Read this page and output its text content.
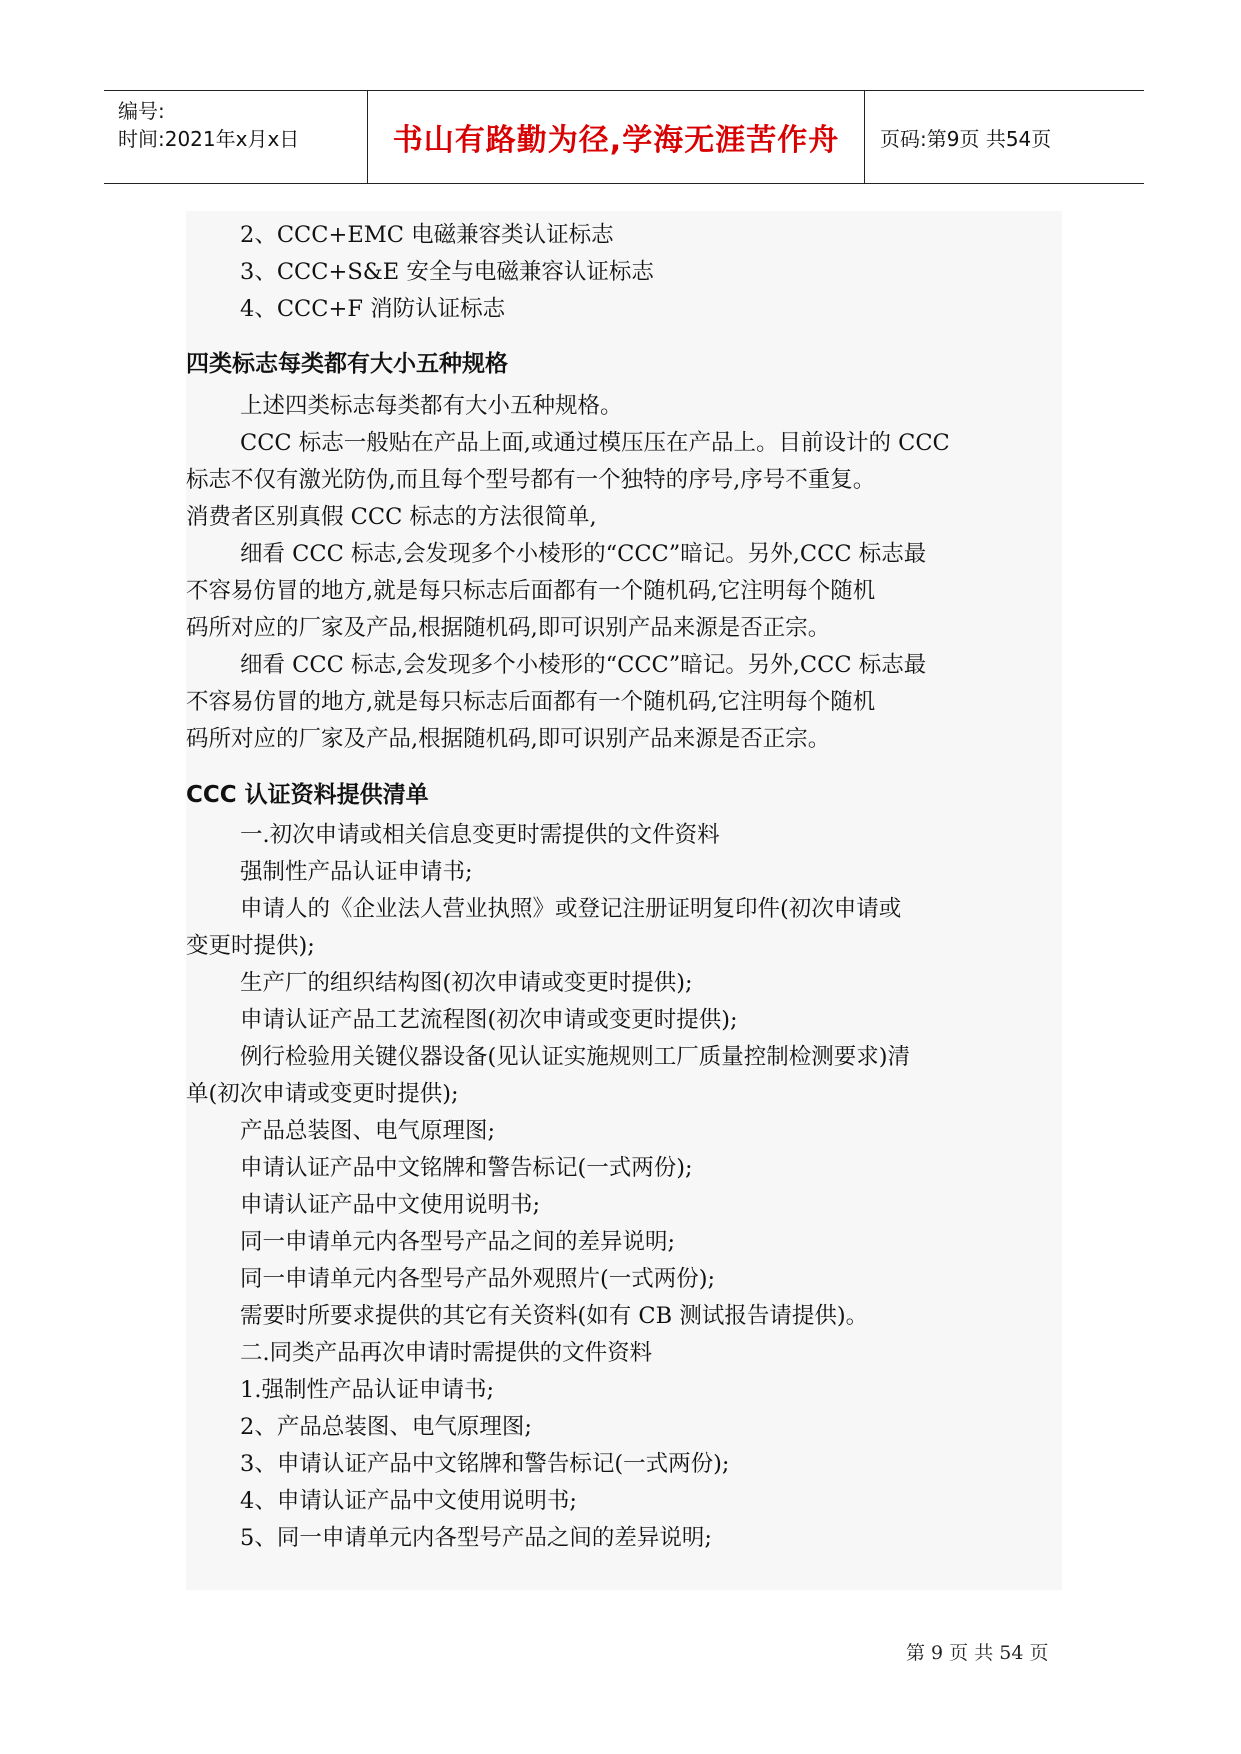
编号:
时间:2021年x月x日	书山有路勤为径,学海无涯苦作舟 页码:第9页 共54页
2、CCC+EMC 电磁兼容类认证标志
3、CCC+S&E 安全与电磁兼容认证标志
4、CCC+F 消防认证标志
四类标志每类都有大小五种规格
上述四类标志每类都有大小五种规格。
CCC 标志一般贴在产品上面,或通过模压压在产品上。目前设计的 CCC
标志不仅有激光防伪,而且每个型号都有一个独特的序号,序号不重复。
消费者区别真假 CCC 标志的方法很简单,
细看 CCC 标志,会发现多个小棱形的“CCC”暗记。另外,CCC 标志最
不容易仿冒的地方,就是每只标志后面都有一个随机码,它注明每个随机
码所对应的厂家及产品,根据随机码,即可识别产品来源是否正宗。
细看 CCC 标志,会发现多个小棱形的“CCC”暗记。另外,CCC 标志最
不容易仿冒的地方,就是每只标志后面都有一个随机码,它注明每个随机
码所对应的厂家及产品,根据随机码,即可识别产品来源是否正宗。
CCC 认证资料提供清单
一.初次申请或相关信息变更时需提供的文件资料
强制性产品认证申请书;
申请人的《企业法人营业执照》或登记注册证明复印件(初次申请或
变更时提供);
生产厂的组织结构图(初次申请或变更时提供);
申请认证产品工艺流程图(初次申请或变更时提供);
例行检验用关键仪器设备(见认证实施规则工厂质量控制检测要求)清
单(初次申请或变更时提供);
产品总装图、电气原理图;
申请认证产品中文铭牌和警告标记(一式两份);
申请认证产品中文使用说明书;
同一申请单元内各型号产品之间的差异说明;
同一申请单元内各型号产品外观照片(一式两份);
需要时所要求提供的其它有关资料(如有 CB 测试报告请提供)。
二.同类产品再次申请时需提供的文件资料
1.强制性产品认证申请书;
2、产品总装图、电气原理图;
3、申请认证产品中文铭牌和警告标记(一式两份);
4、申请认证产品中文使用说明书;
5、同一申请单元内各型号产品之间的差异说明;
第 9 页 共 54 页
